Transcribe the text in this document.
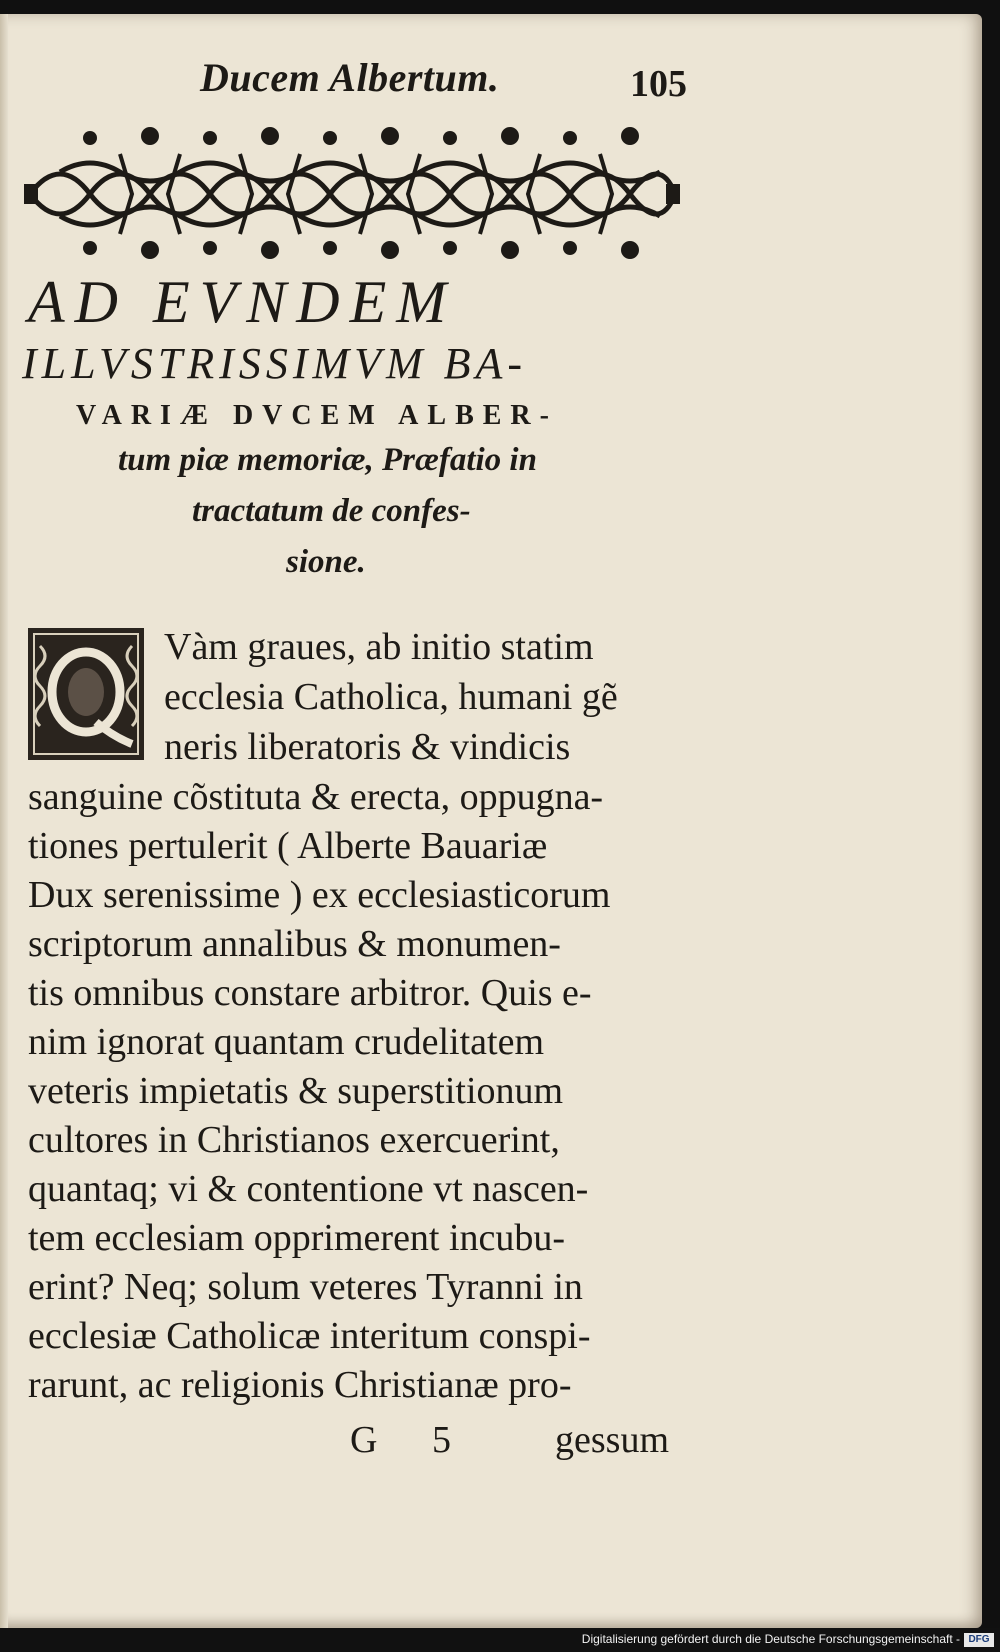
Ducem Albertum.	105
AD EVNDEM
ILLVSTRISSIMVM BA-
VARIÆ DVCEM ALBER-
tum piæ memoriæ, Præfatio in
tractatum de confes-
sione.
Vàm graues, ab initio statim
ecclesia Catholica, humani gẽ
neris liberatoris & vindicis
sanguine cõstituta & erecta, oppugna-
tiones pertulerit ( Alberte Bauariæ
Dux serenissime ) ex ecclesiasticorum
scriptorum annalibus & monumen-
tis omnibus constare arbitror. Quis e-
nim ignorat quantam crudelitatem
veteris impietatis & superstitionum
cultores in Christianos exercuerint,
quantaq; vi & contentione vt nascen-
tem ecclesiam opprimerent incubu-
erint? Neq; solum veteres Tyranni in
ecclesiæ Catholicæ interitum conspi-
rarunt, ac religionis Christianæ pro-
G 5	gessum
Digitalisierung gefördert durch die Deutsche Forschungsgemeinschaft - DFG
